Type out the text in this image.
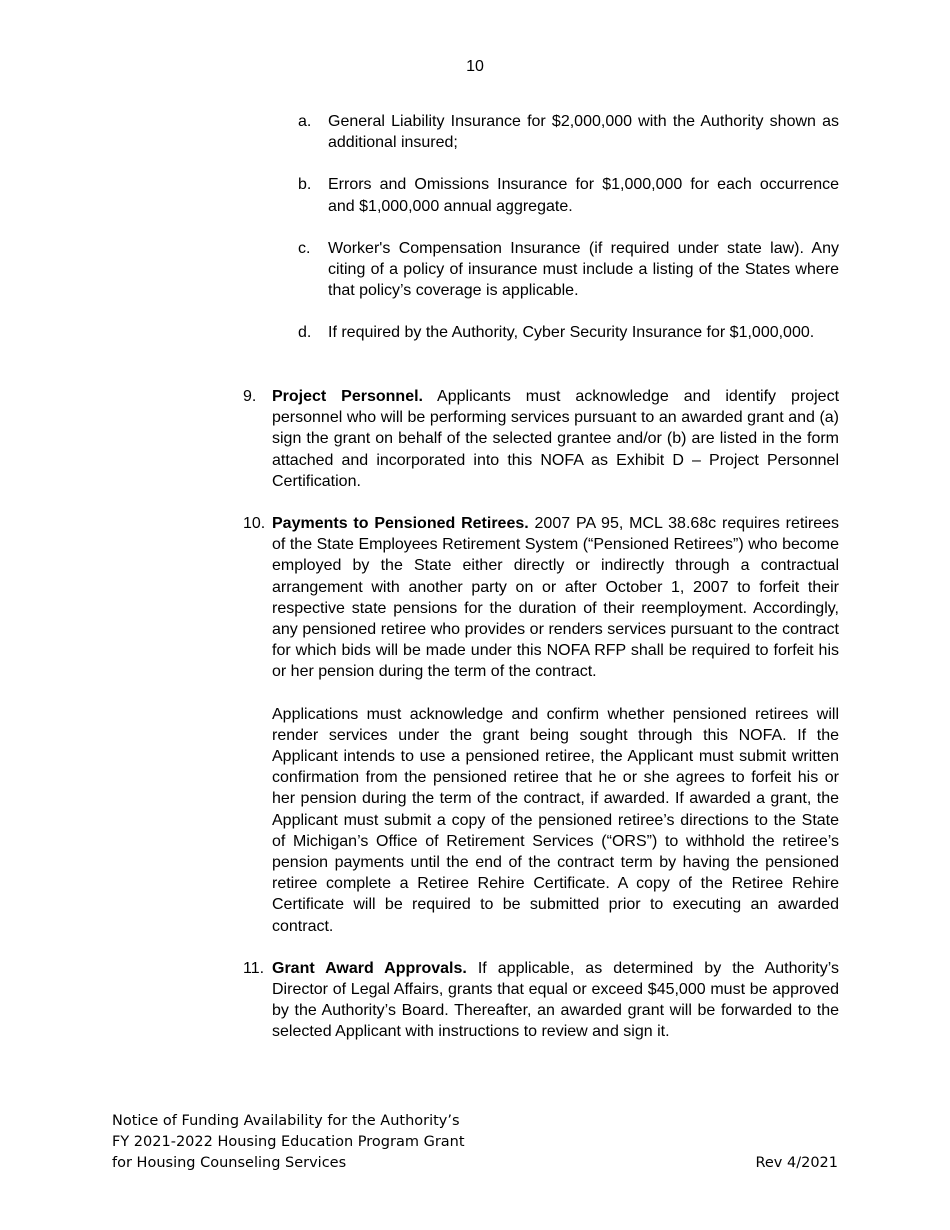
10
a.	General Liability Insurance for $2,000,000 with the Authority shown as additional insured;
b.	Errors and Omissions Insurance for $1,000,000 for each occurrence and $1,000,000 annual aggregate.
c.	Worker's Compensation Insurance (if required under state law). Any citing of a policy of insurance must include a listing of the States where that policy’s coverage is applicable.
d.	If required by the Authority, Cyber Security Insurance for $1,000,000.
9. Project Personnel. Applicants must acknowledge and identify project personnel who will be performing services pursuant to an awarded grant and (a) sign the grant on behalf of the selected grantee and/or (b) are listed in the form attached and incorporated into this NOFA as Exhibit D – Project Personnel Certification.

10. Payments to Pensioned Retirees. 2007 PA 95, MCL 38.68c requires retirees of the State Employees Retirement System (“Pensioned Retirees”) who become employed by the State either directly or indirectly through a contractual arrangement with another party on or after October 1, 2007 to forfeit their respective state pensions for the duration of their reemployment. Accordingly, any pensioned retiree who provides or renders services pursuant to the contract for which bids will be made under this NOFA RFP shall be required to forfeit his or her pension during the term of the contract.

Applications must acknowledge and confirm whether pensioned retirees will render services under the grant being sought through this NOFA. If the Applicant intends to use a pensioned retiree, the Applicant must submit written confirmation from the pensioned retiree that he or she agrees to forfeit his or her pension during the term of the contract, if awarded. If awarded a grant, the Applicant must submit a copy of the pensioned retiree’s directions to the State of Michigan’s Office of Retirement Services (“ORS”) to withhold the retiree’s pension payments until the end of the contract term by having the pensioned retiree complete a Retiree Rehire Certificate. A copy of the Retiree Rehire Certificate will be required to be submitted prior to executing an awarded contract.

11. Grant Award Approvals. If applicable, as determined by the Authority’s Director of Legal Affairs, grants that equal or exceed $45,000 must be approved by the Authority’s Board. Thereafter, an awarded grant will be forwarded to the selected Applicant with instructions to review and sign it.

Notice of Funding Availability for the Authority’s
FY 2021-2022 Housing Education Program Grant
for Housing Counseling Services	Rev 4/2021
